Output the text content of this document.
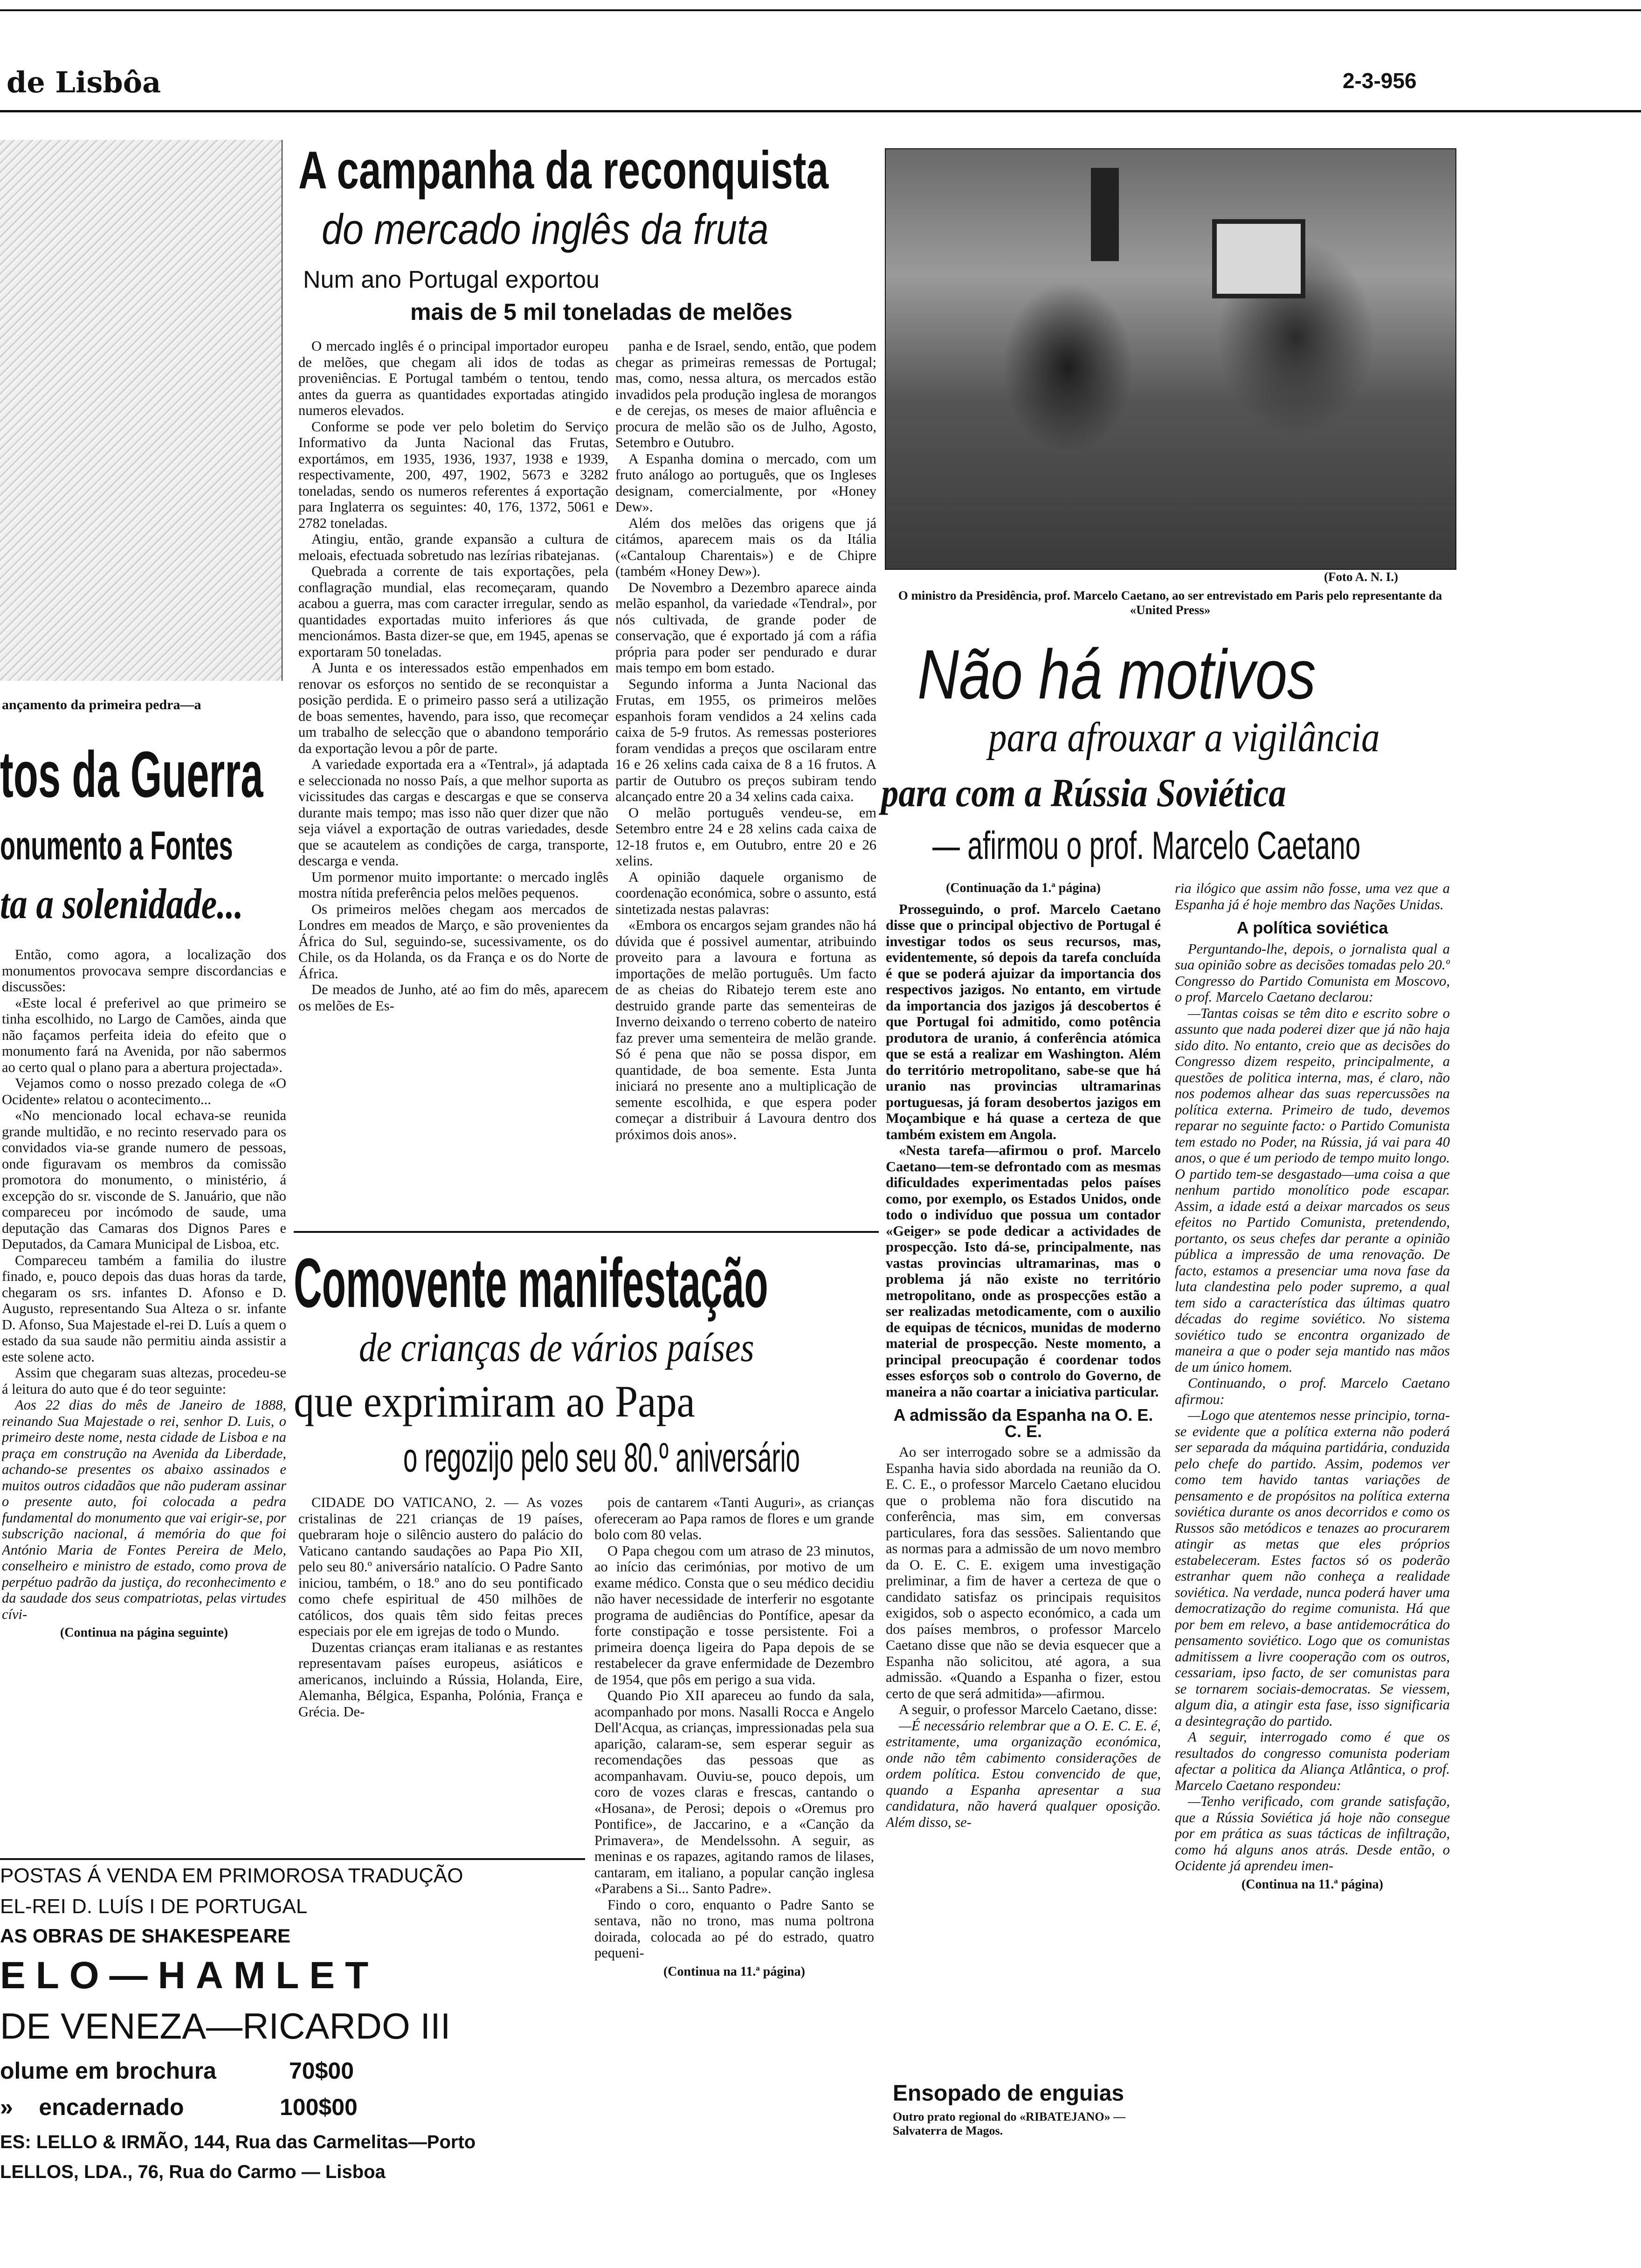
de Lisbôa	2-3-956
ançamento da primeira pedra—a
tos da Guerra
onumento a Fontes
ta a solenidade...

Então, como agora, a localização dos monumentos provocava sempre discordancias e discussões:

«Este local é preferivel ao que primeiro se tinha escolhido, no Largo de Camões, ainda que não façamos perfeita ideia do efeito que o monumento fará na Avenida, por não sabermos ao certo qual o plano para a abertura projectada».

Vejamos como o nosso prezado colega de «O Ocidente» relatou o acontecimento...

«No mencionado local echava-se reunida grande multidão, e no recinto reservado para os convidados via-se grande numero de pessoas, onde figuravam os membros da comissão promotora do monumento, o ministério, á excepção do sr. visconde de S. Januário, que não compareceu por incómodo de saude, uma deputação das Camaras dos Dignos Pares e Deputados, da Camara Municipal de Lisboa, etc.

Compareceu também a familia do ilustre finado, e, pouco depois das duas horas da tarde, chegaram os srs. infantes D. Afonso e D. Augusto, representando Sua Alteza o sr. infante D. Afonso, Sua Majestade el-rei D. Luís a quem o estado da sua saude não permitiu ainda assistir a este solene acto.

Assim que chegaram suas altezas, procedeu-se á leitura do auto que é do teor seguinte:

Aos 22 dias do mês de Janeiro de 1888, reinando Sua Majestade o rei, senhor D. Luis, o primeiro deste nome, nesta cidade de Lisboa e na praça em construção na Avenida da Liberdade, achando-se presentes os abaixo assinados e muitos outros cidadãos que não puderam assinar o presente auto, foi colocada a pedra fundamental do monumento que vai erigir-se, por subscrição nacional, á memória do que foi António Maria de Fontes Pereira de Melo, conselheiro e ministro de estado, como prova de perpétuo padrão da justiça, do reconhecimento e da saudade dos seus compatriotas, pelas virtudes cívi-

(Continua na página seguinte)

A campanha da reconquista
do mercado inglês da fruta
Num ano Portugal exportou
mais de 5 mil toneladas de melões

O mercado inglês é o principal importador europeu de melões, que chegam ali idos de todas as proveniências. E Portugal também o tentou, tendo antes da guerra as quantidades exportadas atingido numeros elevados.

Conforme se pode ver pelo boletim do Serviço Informativo da Junta Nacional das Frutas, exportámos, em 1935, 1936, 1937, 1938 e 1939, respectivamente, 200, 497, 1902, 5673 e 3282 toneladas, sendo os numeros referentes á exportação para Inglaterra os seguintes: 40, 176, 1372, 5061 e 2782 toneladas.

Atingiu, então, grande expansão a cultura de meloais, efectuada sobretudo nas lezírias ribatejanas.

Quebrada a corrente de tais exportações, pela conflagração mundial, elas recomeçaram, quando acabou a guerra, mas com caracter irregular, sendo as quantidades exportadas muito inferiores ás que mencionámos. Basta dizer-se que, em 1945, apenas se exportaram 50 toneladas.

A Junta e os interessados estão empenhados em renovar os esforços no sentido de se reconquistar a posição perdida. E o primeiro passo será a utilização de boas sementes, havendo, para isso, que recomeçar um trabalho de selecção que o abandono temporário da exportação levou a pôr de parte.

A variedade exportada era a «Tentral», já adaptada e seleccionada no nosso País, a que melhor suporta as vicissitudes das cargas e descargas e que se conserva durante mais tempo; mas isso não quer dizer que não seja viável a exportação de outras variedades, desde que se acautelem as condições de carga, transporte, descarga e venda.

Um pormenor muito importante: o mercado inglês mostra nítida preferência pelos melões pequenos.

Os primeiros melões chegam aos mercados de Londres em meados de Março, e são provenientes da África do Sul, seguindo-se, sucessivamente, os do Chile, os da Holanda, os da França e os do Norte de África.

De meados de Junho, até ao fim do mês, aparecem os melões de Es-

panha e de Israel, sendo, então, que podem chegar as primeiras remessas de Portugal; mas, como, nessa altura, os mercados estão invadidos pela produção inglesa de morangos e de cerejas, os meses de maior afluência e procura de melão são os de Julho, Agosto, Setembro e Outubro.

A Espanha domina o mercado, com um fruto análogo ao português, que os Ingleses designam, comercialmente, por «Honey Dew».

Além dos melões das origens que já citámos, aparecem mais os da Itália («Cantaloup Charentais») e de Chipre (também «Honey Dew»).

De Novembro a Dezembro aparece ainda melão espanhol, da variedade «Tendral», por nós cultivada, de grande poder de conservação, que é exportado já com a ráfia própria para poder ser pendurado e durar mais tempo em bom estado.

Segundo informa a Junta Nacional das Frutas, em 1955, os primeiros melões espanhois foram vendidos a 24 xelins cada caixa de 5-9 frutos. As remessas posteriores foram vendidas a preços que oscilaram entre 16 e 26 xelins cada caixa de 8 a 16 frutos. A partir de Outubro os preços subiram tendo alcançado entre 20 a 34 xelins cada caixa.

O melão português vendeu-se, em Setembro entre 24 e 28 xelins cada caixa de 12-18 frutos e, em Outubro, entre 20 e 26 xelins.

A opinião daquele organismo de coordenação económica, sobre o assunto, está sintetizada nestas palavras:

«Embora os encargos sejam grandes não há dúvida que é possivel aumentar, atribuindo proveito para a lavoura e fortuna as importações de melão português. Um facto de as cheias do Ribatejo terem este ano destruido grande parte das sementeiras de Inverno deixando o terreno coberto de nateiro faz prever uma sementeira de melão grande. Só é pena que não se possa dispor, em quantidade, de boa semente. Esta Junta iniciará no presente ano a multiplicação de semente escolhida, e que espera poder começar a distribuir á Lavoura dentro dos próximos dois anos».

(Foto A. N. I.)
O ministro da Presidência, prof. Marcelo Caetano, ao ser entrevistado em Paris pelo representante da «United Press»
Não há motivos
para afrouxar a vigilância
para com a Rússia Soviética
— afirmou o prof. Marcelo Caetano

(Continuação da 1.ª página)

Prosseguindo, o prof. Marcelo Caetano disse que o principal objectivo de Portugal é investigar todos os seus recursos, mas, evidentemente, só depois da tarefa concluída é que se poderá ajuizar da importancia dos respectivos jazigos. No entanto, em virtude da importancia dos jazigos já descobertos é que Portugal foi admitido, como potência produtora de uranio, á conferência atómica que se está a realizar em Washington. Além do território metropolitano, sabe-se que há uranio nas provincias ultramarinas portuguesas, já foram desobertos jazigos em Moçambique e há quase a certeza de que também existem em Angola.

«Nesta tarefa—afirmou o prof. Marcelo Caetano—tem-se defrontado com as mesmas dificuldades experimentadas pelos países como, por exemplo, os Estados Unidos, onde todo o indivíduo que possua um contador «Geiger» se pode dedicar a actividades de prospecção. Isto dá-se, principalmente, nas vastas provincias ultramarinas, mas o problema já não existe no território metropolitano, onde as prospecções estão a ser realizadas metodicamente, com o auxilio de equipas de técnicos, munidas de moderno material de prospecção. Neste momento, a principal preocupação é coordenar todos esses esforços sob o controlo do Governo, de maneira a não coartar a iniciativa particular.

A admissão da Espanha na O. E. C. E.

Ao ser interrogado sobre se a admissão da Espanha havia sido abordada na reunião da O. E. C. E., o professor Marcelo Caetano elucidou que o problema não fora discutido na conferência, mas sim, em conversas particulares, fora das sessões. Salientando que as normas para a admissão de um novo membro da O. E. C. E. exigem uma investigação preliminar, a fim de haver a certeza de que o candidato satisfaz os principais requisitos exigidos, sob o aspecto económico, a cada um dos países membros, o professor Marcelo Caetano disse que não se devia esquecer que a Espanha não solicitou, até agora, a sua admissão. «Quando a Espanha o fizer, estou certo de que será admitida»—afirmou.

A seguir, o professor Marcelo Caetano, disse:

—É necessário relembrar que a O. E. C. E. é, estritamente, uma organização económica, onde não têm cabimento considerações de ordem política. Estou convencido de que, quando a Espanha apresentar a sua candidatura, não haverá qualquer oposição. Além disso, se-

ria ilógico que assim não fosse, uma vez que a Espanha já é hoje membro das Nações Unidas.

A política soviética

Perguntando-lhe, depois, o jornalista qual a sua opinião sobre as decisões tomadas pelo 20.º Congresso do Partido Comunista em Moscovo, o prof. Marcelo Caetano declarou:

—Tantas coisas se têm dito e escrito sobre o assunto que nada poderei dizer que já não haja sido dito. No entanto, creio que as decisões do Congresso dizem respeito, principalmente, a questões de politica interna, mas, é claro, não nos podemos alhear das suas repercussões na política externa. Primeiro de tudo, devemos reparar no seguinte facto: o Partido Comunista tem estado no Poder, na Rússia, já vai para 40 anos, o que é um periodo de tempo muito longo. O partido tem-se desgastado—uma coisa a que nenhum partido monolítico pode escapar. Assim, a idade está a deixar marcados os seus efeitos no Partido Comunista, pretendendo, portanto, os seus chefes dar perante a opinião pública a impressão de uma renovação. De facto, estamos a presenciar uma nova fase da luta clandestina pelo poder supremo, a qual tem sido a característica das últimas quatro décadas do regime soviético. No sistema soviético tudo se encontra organizado de maneira a que o poder seja mantido nas mãos de um único homem.

Continuando, o prof. Marcelo Caetano afirmou:

—Logo que atentemos nesse principio, torna-se evidente que a política externa não poderá ser separada da máquina partidária, conduzida pelo chefe do partido. Assim, podemos ver como tem havido tantas variações de pensamento e de propósitos na política externa soviética durante os anos decorridos e como os Russos são metódicos e tenazes ao procurarem atingir as metas que eles próprios estabeleceram. Estes factos só os poderão estranhar quem não conheça a realidade soviética. Na verdade, nunca poderá haver uma democratização do regime comunista. Há que por bem em relevo, a base antidemocrática do pensamento soviético. Logo que os comunistas admitissem a livre cooperação com os outros, cessariam, ipso facto, de ser comunistas para se tornarem sociais-democratas. Se viessem, algum dia, a atingir esta fase, isso significaria a desintegração do partido.

A seguir, interrogado como é que os resultados do congresso comunista poderiam afectar a politica da Aliança Atlântica, o prof. Marcelo Caetano respondeu:

—Tenho verificado, com grande satisfação, que a Rússia Soviética já hoje não consegue por em prática as suas tácticas de infiltração, como há alguns anos atrás. Desde então, o Ocidente já aprendeu imen-

(Continua na 11.ª página)

Comovente manifestação
de crianças de vários países
que exprimiram ao Papa
o regozijo pelo seu 80.º aniversário

CIDADE DO VATICANO, 2. — As vozes cristalinas de 221 crianças de 19 países, quebraram hoje o silêncio austero do palácio do Vaticano cantando saudações ao Papa Pio XII, pelo seu 80.º aniversário natalício. O Padre Santo iniciou, também, o 18.º ano do seu pontificado como chefe espiritual de 450 milhões de católicos, dos quais têm sido feitas preces especiais por ele em igrejas de todo o Mundo.

Duzentas crianças eram italianas e as restantes representavam países europeus, asiáticos e americanos, incluindo a Rússia, Holanda, Eire, Alemanha, Bélgica, Espanha, Polónia, França e Grécia. De-

pois de cantarem «Tanti Auguri», as crianças ofereceram ao Papa ramos de flores e um grande bolo com 80 velas.

O Papa chegou com um atraso de 23 minutos, ao início das cerimónias, por motivo de um exame médico. Consta que o seu médico decidiu não haver necessidade de interferir no esgotante programa de audiências do Pontífice, apesar da forte constipação e tosse persistente. Foi a primeira doença ligeira do Papa depois de se restabelecer da grave enfermidade de Dezembro de 1954, que pôs em perigo a sua vida.

Quando Pio XII apareceu ao fundo da sala, acompanhado por mons. Nasalli Rocca e Angelo Dell'Acqua, as crianças, impressionadas pela sua aparição, calaram-se, sem esperar seguir as recomendações das pessoas que as acompanhavam. Ouviu-se, pouco depois, um coro de vozes claras e frescas, cantando o «Hosana», de Perosi; depois o «Oremus pro Pontifice», de Jaccarino, e a «Canção da Primavera», de Mendelssohn. A seguir, as meninas e os rapazes, agitando ramos de lilases, cantaram, em italiano, a popular canção inglesa «Parabens a Si... Santo Padre».

Findo o coro, enquanto o Padre Santo se sentava, não no trono, mas numa poltrona doirada, colocada ao pé do estrado, quatro pequeni-

(Continua na 11.ª página)

POSTAS Á VENDA EM PRIMOROSA TRADUÇÃO
EL-REI D. LUÍS I DE PORTUGAL
AS OBRAS DE SHAKESPEARE
ELO—HAMLET
DE VENEZA—RICARDO III
olume em brochura	70$00
»    encadernado	100$00
ES: LELLO & IRMÃO, 144, Rua das Carmelitas—Porto
LELLOS, LDA., 76, Rua do Carmo — Lisboa
Ensopado de enguias
Outro prato regional do «RIBATEJANO» — Salvaterra de Magos.
